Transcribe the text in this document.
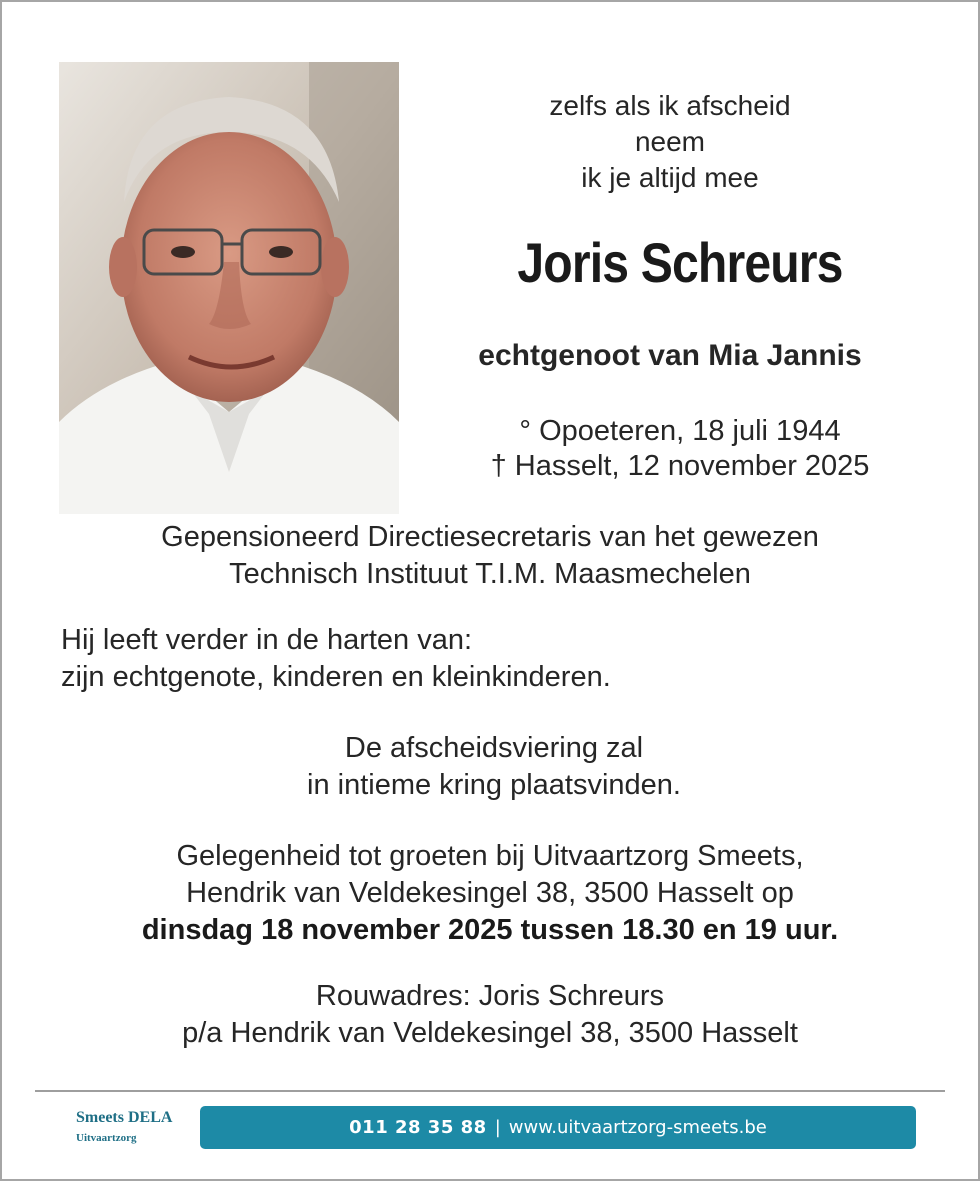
zelfs als ik afscheid
neem
ik je altijd mee
Joris Schreurs
echtgenoot van Mia Jannis
° Opoeteren, 18 juli 1944
† Hasselt, 12 november 2025
Gepensioneerd Directiesecretaris van het gewezen
Technisch Instituut T.I.M. Maasmechelen
Hij leeft verder in de harten van:
zijn echtgenote, kinderen en kleinkinderen.
De afscheidsviering zal
in intieme kring plaatsvinden.
Gelegenheid tot groeten bij Uitvaartzorg Smeets,
Hendrik van Veldekesingel 38, 3500 Hasselt op
dinsdag 18 november 2025 tussen 18.30 en 19 uur.
Rouwadres: Joris Schreurs
p/a Hendrik van Veldekesingel 38, 3500 Hasselt
Smeets DELA
Uitvaartzorg	011 28 35 88 | www.uitvaartzorg-smeets.be
